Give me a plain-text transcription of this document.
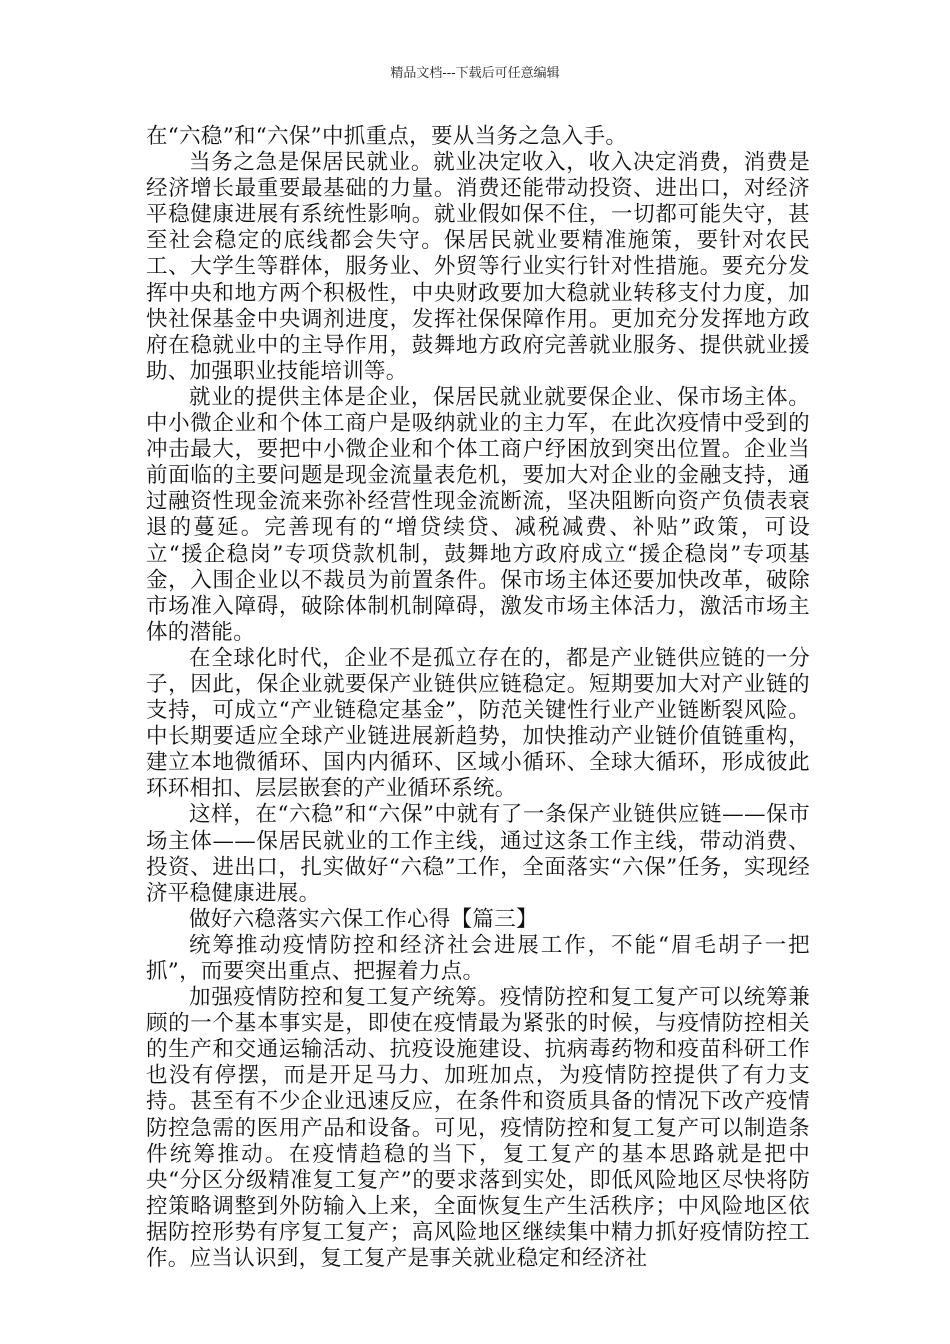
精品文档---下载后可任意编辑

在“六稳”和“六保”中抓重点，要从当务之急入手。

当务之急是保居民就业。就业决定收入，收入决定消费，消费是经济增长最重要最基础的力量。消费还能带动投资、进出口，对经济平稳健康进展有系统性影响。就业假如保不住，一切都可能失守，甚至社会稳定的底线都会失守。保居民就业要精准施策，要针对农民工、大学生等群体，服务业、外贸等行业实行针对性措施。要充分发挥中央和地方两个积极性，中央财政要加大稳就业转移支付力度，加快社保基金中央调剂进度，发挥社保保障作用。更加充分发挥地方政府在稳就业中的主导作用，鼓舞地方政府完善就业服务、提供就业援助、加强职业技能培训等。

就业的提供主体是企业，保居民就业就要保企业、保市场主体。中小微企业和个体工商户是吸纳就业的主力军，在此次疫情中受到的冲击最大，要把中小微企业和个体工商户纾困放到突出位置。企业当前面临的主要问题是现金流量表危机，要加大对企业的金融支持，通过融资性现金流来弥补经营性现金流断流，坚决阻断向资产负债表衰退的蔓延。完善现有的“增贷续贷、减税减费、补贴”政策，可设立“援企稳岗”专项贷款机制，鼓舞地方政府成立“援企稳岗”专项基金，入围企业以不裁员为前置条件。保市场主体还要加快改革，破除市场准入障碍，破除体制机制障碍，激发市场主体活力，激活市场主体的潜能。

在全球化时代，企业不是孤立存在的，都是产业链供应链的一分子，因此，保企业就要保产业链供应链稳定。短期要加大对产业链的支持，可成立“产业链稳定基金”，防范关键性行业产业链断裂风险。中长期要适应全球产业链进展新趋势，加快推动产业链价值链重构，建立本地微循环、国内内循环、区域小循环、全球大循环，形成彼此环环相扣、层层嵌套的产业循环系统。

这样，在“六稳”和“六保”中就有了一条保产业链供应链——保市场主体——保居民就业的工作主线，通过这条工作主线，带动消费、投资、进出口，扎实做好“六稳”工作，全面落实“六保”任务，实现经济平稳健康进展。

做好六稳落实六保工作心得【篇三】

统筹推动疫情防控和经济社会进展工作，不能“眉毛胡子一把抓”，而要突出重点、把握着力点。

加强疫情防控和复工复产统筹。疫情防控和复工复产可以统筹兼顾的一个基本事实是，即使在疫情最为紧张的时候，与疫情防控相关的生产和交通运输活动、抗疫设施建设、抗病毒药物和疫苗科研工作也没有停摆，而是开足马力、加班加点，为疫情防控提供了有力支持。甚至有不少企业迅速反应，在条件和资质具备的情况下改产疫情防控急需的医用产品和设备。可见，疫情防控和复工复产可以制造条件统筹推动。在疫情趋稳的当下，复工复产的基本思路就是把中央“分区分级精准复工复产”的要求落到实处，即低风险地区尽快将防控策略调整到外防输入上来，全面恢复生产生活秩序；中风险地区依据防控形势有序复工复产；高风险地区继续集中精力抓好疫情防控工作。应当认识到，复工复产是事关就业稳定和经济社
